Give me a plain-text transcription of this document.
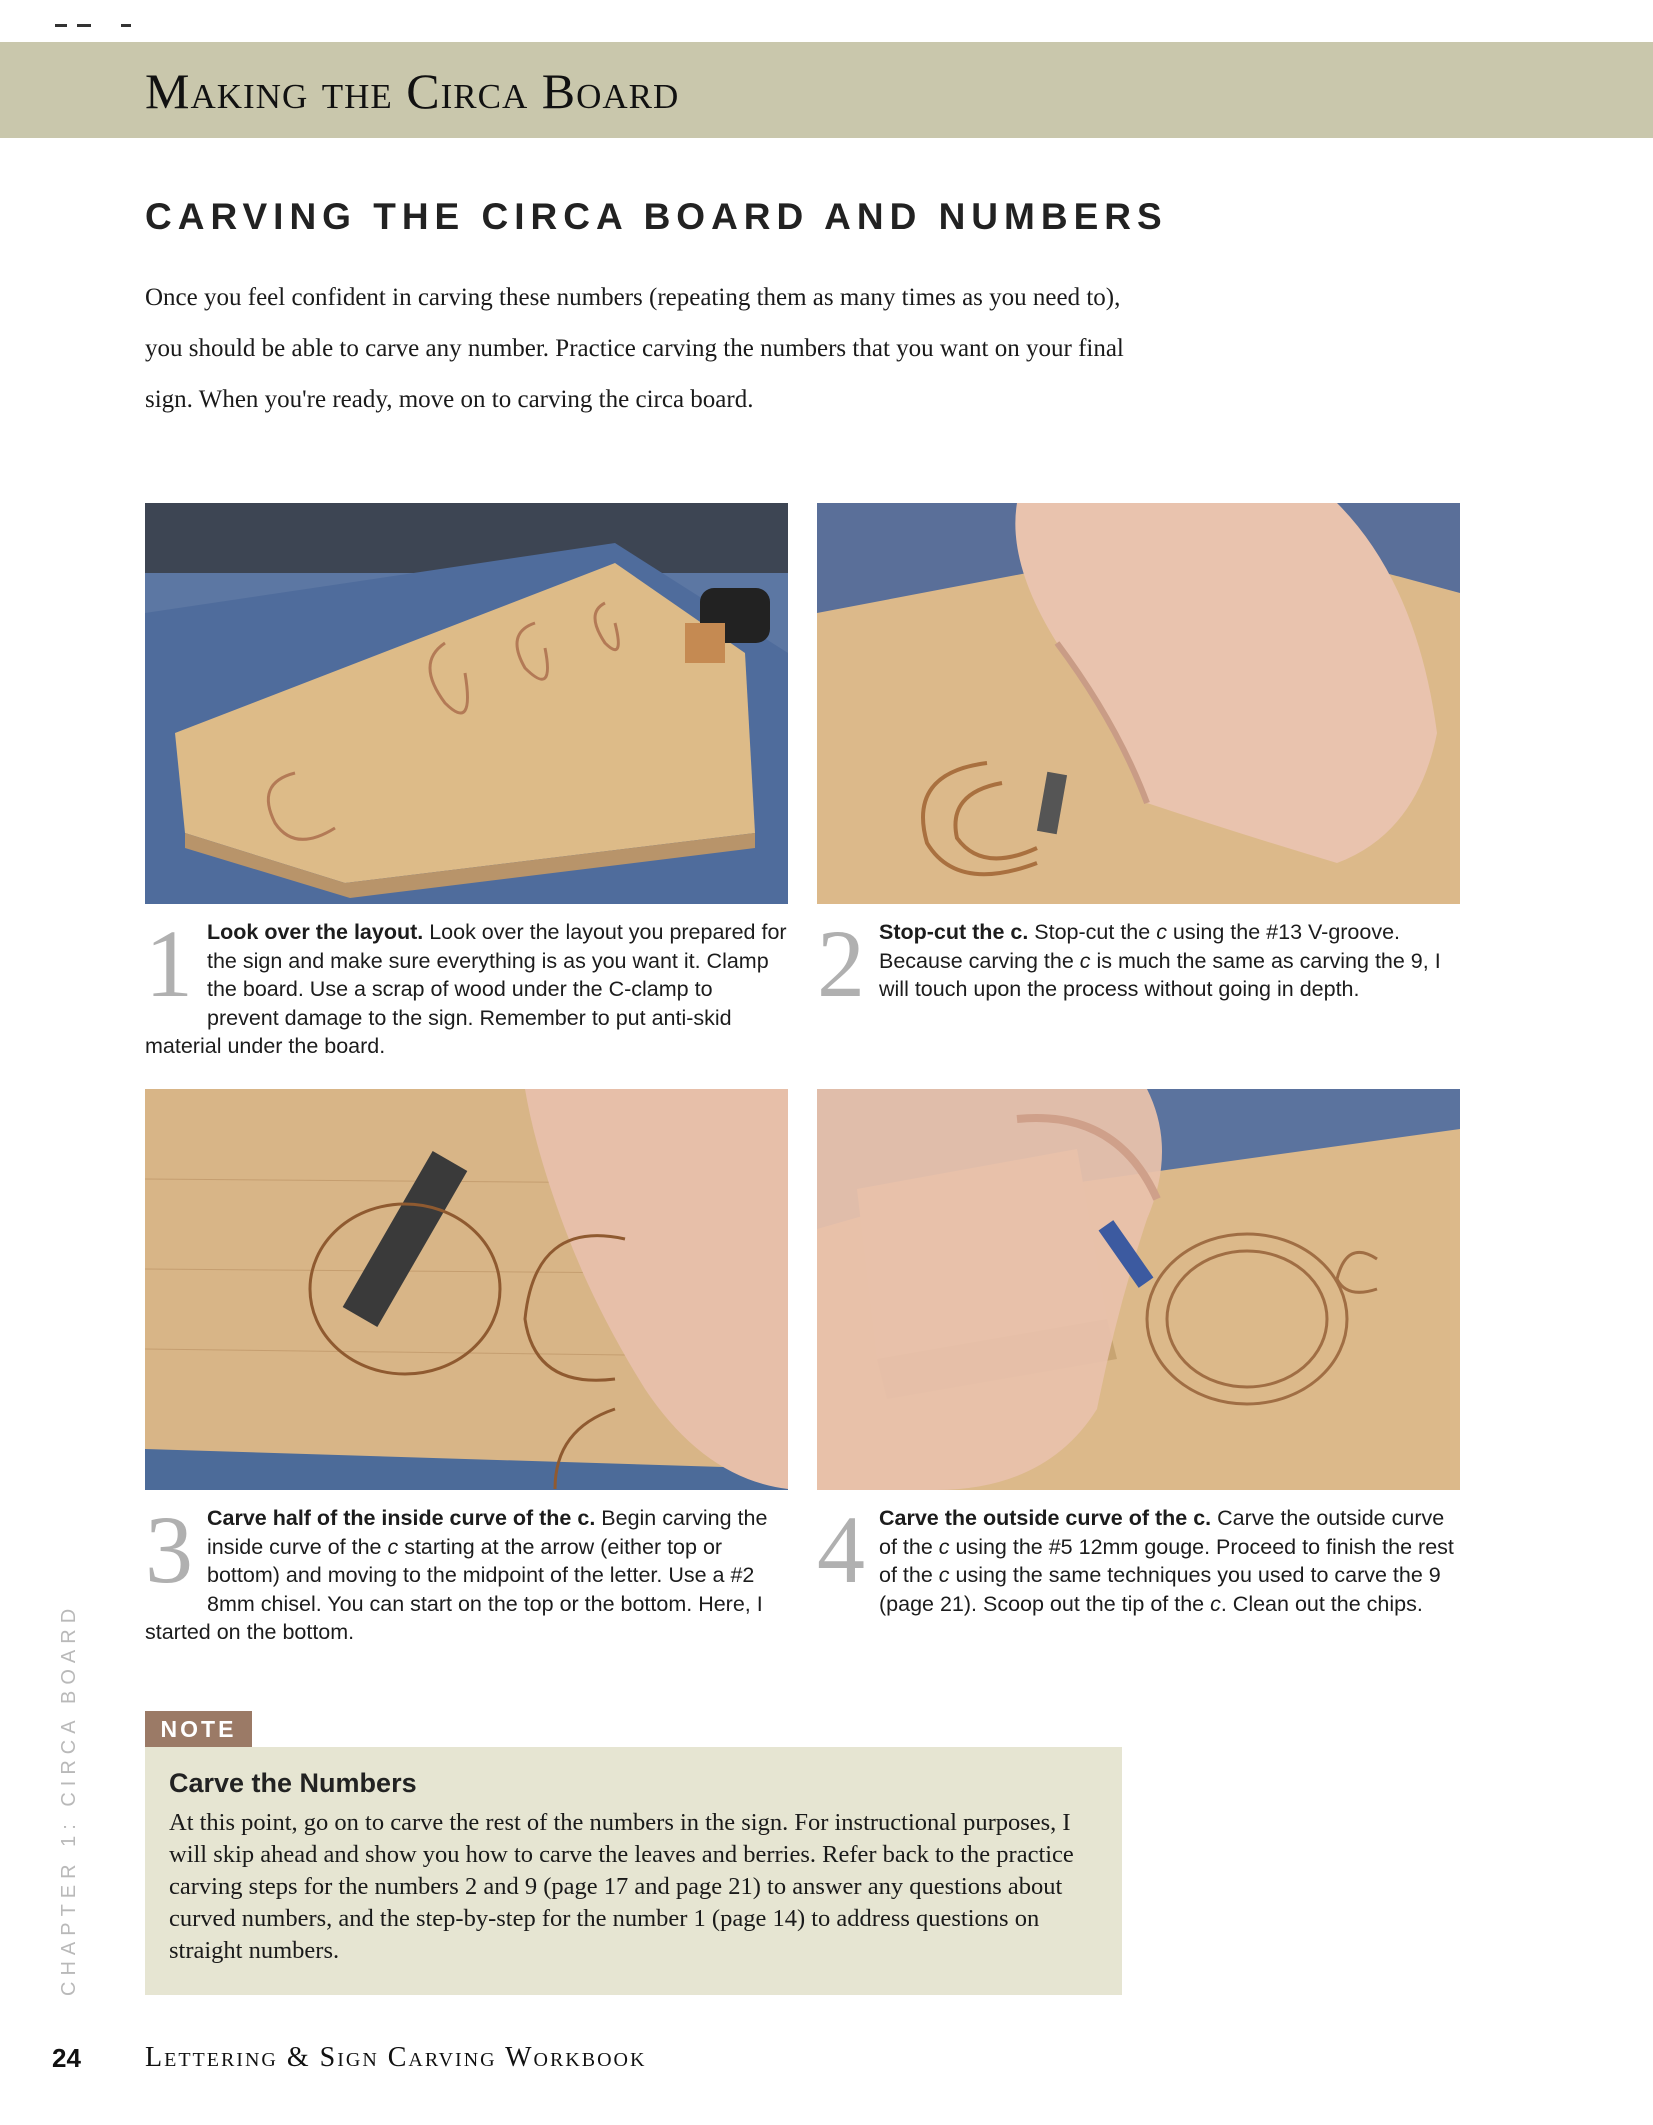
Making the Circa Board
CARVING THE CIRCA BOARD AND NUMBERS

Once you feel confident in carving these numbers (repeating them as many times as you need to), you should be able to carve any number. Practice carving the numbers that you want on your final sign. When you're ready, move on to carving the circa board.

1 Look over the layout. Look over the layout you prepared for the sign and make sure everything is as you want it. Clamp the board. Use a scrap of wood under the C-clamp to prevent damage to the sign. Remember to put anti-skid material under the board.
2 Stop-cut the c. Stop-cut the c using the #13 V-groove. Because carving the c is much the same as carving the 9, I will touch upon the process without going in depth.
3 Carve half of the inside curve of the c. Begin carving the inside curve of the c starting at the arrow (either top or bottom) and moving to the midpoint of the letter. Use a #2 8mm chisel. You can start on the top or the bottom. Here, I started on the bottom.
4 Carve the outside curve of the c. Carve the outside curve of the c using the #5 12mm gouge. Proceed to finish the rest of the c using the same techniques you used to carve the 9 (page 21). Scoop out the tip of the c. Clean out the chips.
NOTE
Carve the Numbers

At this point, go on to carve the rest of the numbers in the sign. For instructional purposes, I will skip ahead and show you how to carve the leaves and berries. Refer back to the practice carving steps for the numbers 2 and 9 (page 17 and page 21) to answer any questions about curved numbers, and the step-by-step for the number 1 (page 14) to address questions on straight numbers.

CHAPTER 1: CIRCA BOARD
24 Lettering & Sign Carving Workbook
